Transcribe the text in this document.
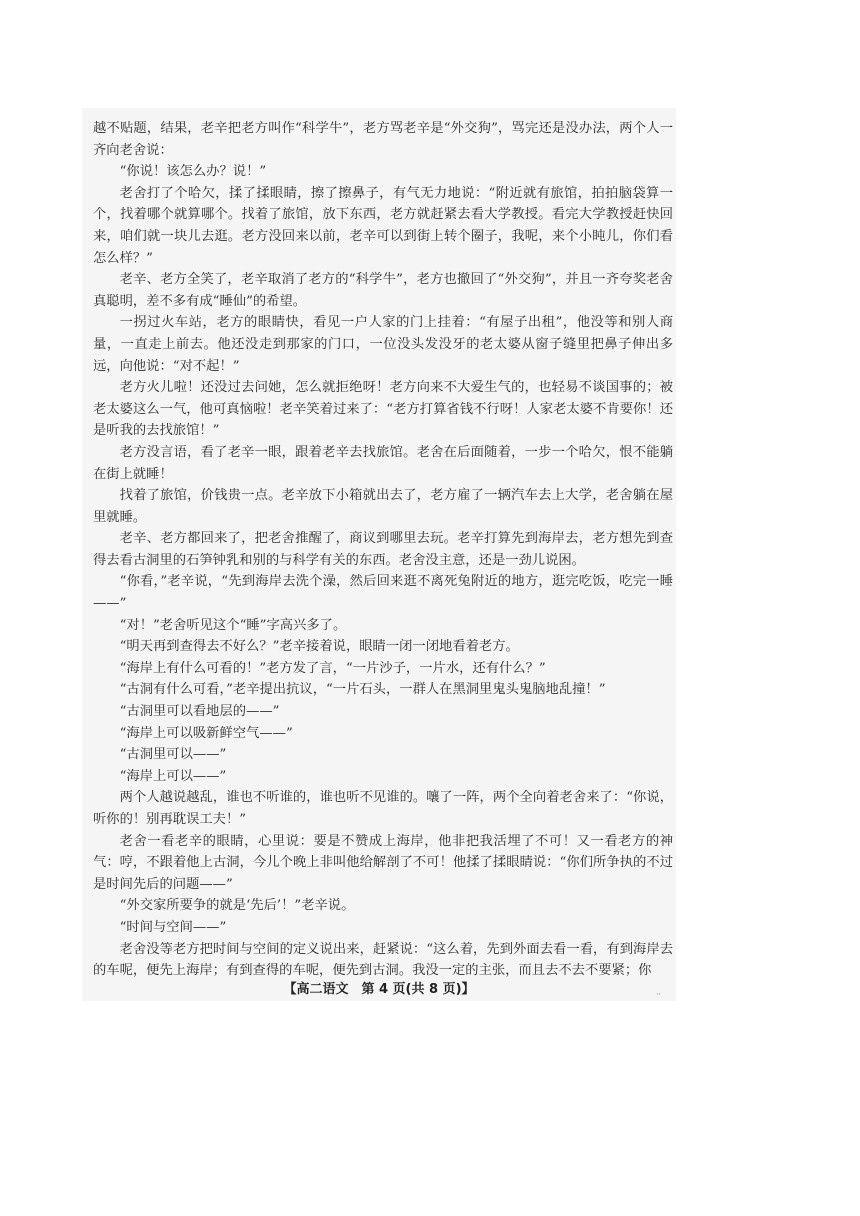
越不贴题，结果，老辛把老方叫作“科学牛”，老方骂老辛是“外交狗”，骂完还是没办法，两个人一齐向老舍说：

“你说！该怎么办？说！”

老舍打了个哈欠，揉了揉眼睛，擦了擦鼻子，有气无力地说：“附近就有旅馆，拍拍脑袋算一个，找着哪个就算哪个。找着了旅馆，放下东西，老方就赶紧去看大学教授。看完大学教授赶快回来，咱们就一块儿去逛。老方没回来以前，老辛可以到街上转个圈子，我呢，来个小盹儿，你们看怎么样？”

老辛、老方全笑了，老辛取消了老方的“科学牛”，老方也撤回了“外交狗”，并且一齐夸奖老舍真聪明，差不多有成“睡仙”的希望。

一拐过火车站，老方的眼睛快，看见一户人家的门上挂着：“有屋子出租”，他没等和别人商量，一直走上前去。他还没走到那家的门口，一位没头发没牙的老太婆从窗子缝里把鼻子伸出多远，向他说：“对不起！”

老方火儿啦！还没过去问她，怎么就拒绝呀！老方向来不大爱生气的，也轻易不谈国事的；被老太婆这么一气，他可真恼啦！老辛笑着过来了：“老方打算省钱不行呀！人家老太婆不肯要你！还是听我的去找旅馆！”

老方没言语，看了老辛一眼，跟着老辛去找旅馆。老舍在后面随着，一步一个哈欠，恨不能躺在街上就睡！

找着了旅馆，价钱贵一点。老辛放下小箱就出去了，老方雇了一辆汽车去上大学，老舍躺在屋里就睡。

老辛、老方都回来了，把老舍推醒了，商议到哪里去玩。老辛打算先到海岸去，老方想先到查得去看古洞里的石笋钟乳和别的与科学有关的东西。老舍没主意，还是一劲儿说困。

“你看，”老辛说，“先到海岸去洗个澡，然后回来逛不离死兔附近的地方，逛完吃饭，吃完一睡——”

“对！”老舍听见这个“睡”字高兴多了。

“明天再到查得去不好么？”老辛接着说，眼睛一闭一闭地看着老方。

“海岸上有什么可看的！”老方发了言，“一片沙子，一片水，还有什么？”

“古洞有什么可看，”老辛提出抗议，“一片石头，一群人在黑洞里鬼头鬼脑地乱撞！”

“古洞里可以看地层的——”

“海岸上可以吸新鲜空气——”

“古洞里可以——”

“海岸上可以——”

两个人越说越乱，谁也不听谁的，谁也听不见谁的。嚷了一阵，两个全向着老舍来了：“你说，听你的！别再耽误工夫！”

老舍一看老辛的眼睛，心里说：要是不赞成上海岸，他非把我活埋了不可！又一看老方的神气：哼，不跟着他上古洞，今儿个晚上非叫他给解剖了不可！他揉了揉眼睛说：“你们所争执的不过是时间先后的问题——”

“外交家所要争的就是‘先后’！”老辛说。

“时间与空间——”

老舍没等老方把时间与空间的定义说出来，赶紧说：“这么着，先到外面去看一看，有到海岸去的车呢，便先上海岸；有到查得的车呢，便先到古洞。我没一定的主张，而且去不去不要紧；你

【高二语文　第 4 页(共 8 页)】	··
